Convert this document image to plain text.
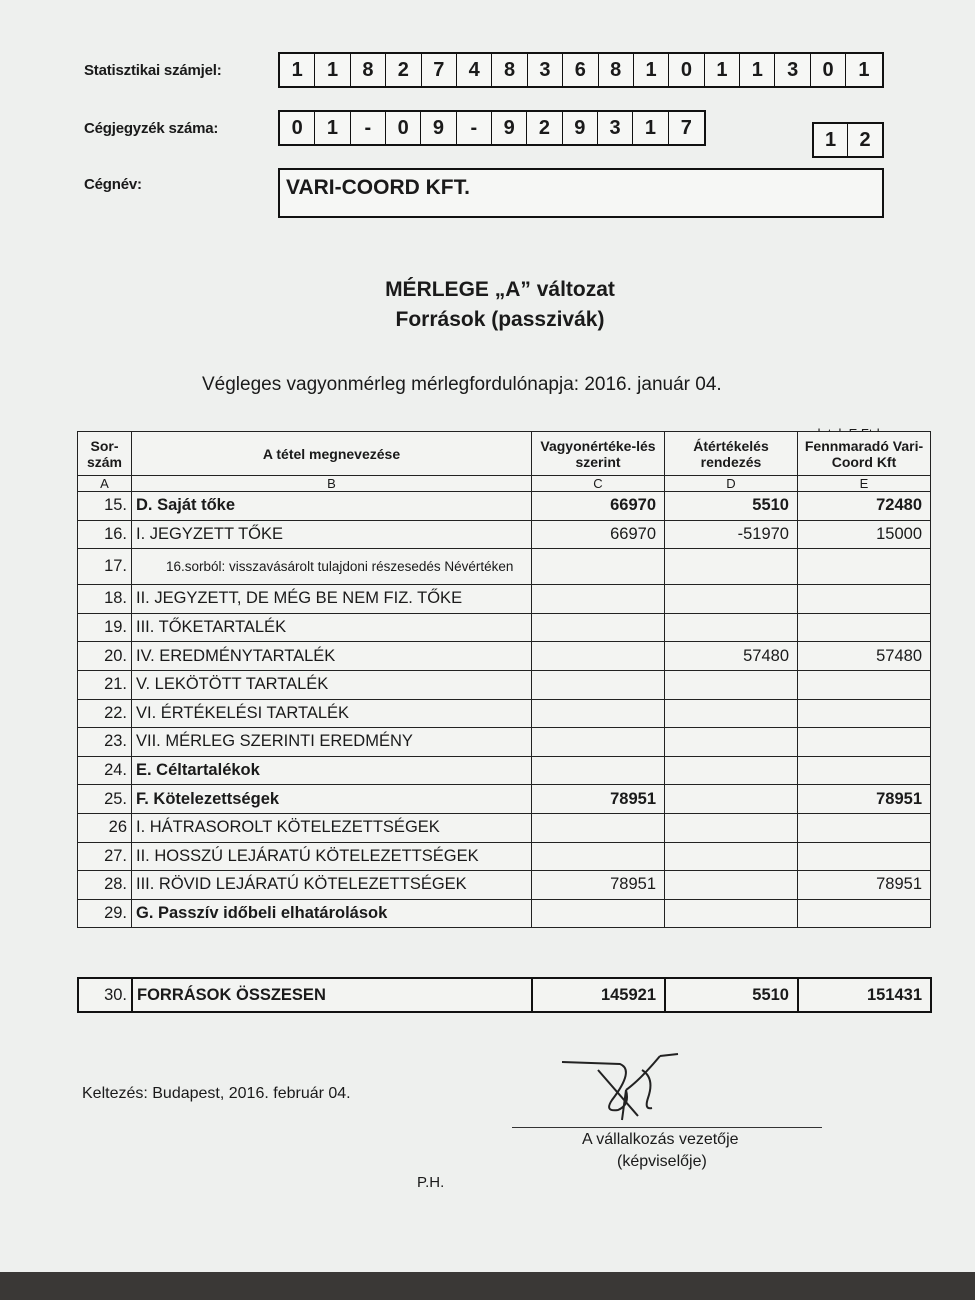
Statisztikai számjel:	1	1	8	2	7	4	8	3	6	8	1	0	1	1	3	0	1
Cégjegyzék száma:	0	1	-	0	9	-	9	2	9	3	1	7
1	2
Cégnév:	VARI-COORD KFT.
MÉRLEGE „A” változat
Források (passzivák)
Végleges vagyonmérleg mérlegfordulónapja: 2016. január 04.
Sor-szám	A tétel megnevezése	Vagyonértéke-lés szerint	Átértékelés rendezés	Fennmaradó Vari-Coord Kft
A	B	C	D	E
15.	D. Saját tőke	66970	5510	72480
16.	I. JEGYZETT TŐKE	66970	-51970	15000
17.	16.sorból: visszavásárolt tulajdoni részesedés Névértéken			
18.	II. JEGYZETT, DE MÉG BE NEM FIZ. TŐKE			
19.	III. TŐKETARTALÉK			
20.	IV. EREDMÉNYTARTALÉK		57480	57480
21.	V. LEKÖTÖTT TARTALÉK			
22.	VI. ÉRTÉKELÉSI TARTALÉK			
23.	VII. MÉRLEG SZERINTI EREDMÉNY			
24.	E. Céltartalékok			
25.	F. Kötelezettségek	78951		78951
26	I. HÁTRASOROLT KÖTELEZETTSÉGEK			
27.	II. HOSSZÚ LEJÁRATÚ KÖTELEZETTSÉGEK			
28.	III. RÖVID LEJÁRATÚ KÖTELEZETTSÉGEK	78951		78951
29.	G. Passzív időbeli elhatárolások			
30.	FORRÁSOK ÖSSZESEN	145921	5510	151431
Keltezés: Budapest, 2016. február 04.
A vállalkozás vezetője
(képviselője)
P.H.
